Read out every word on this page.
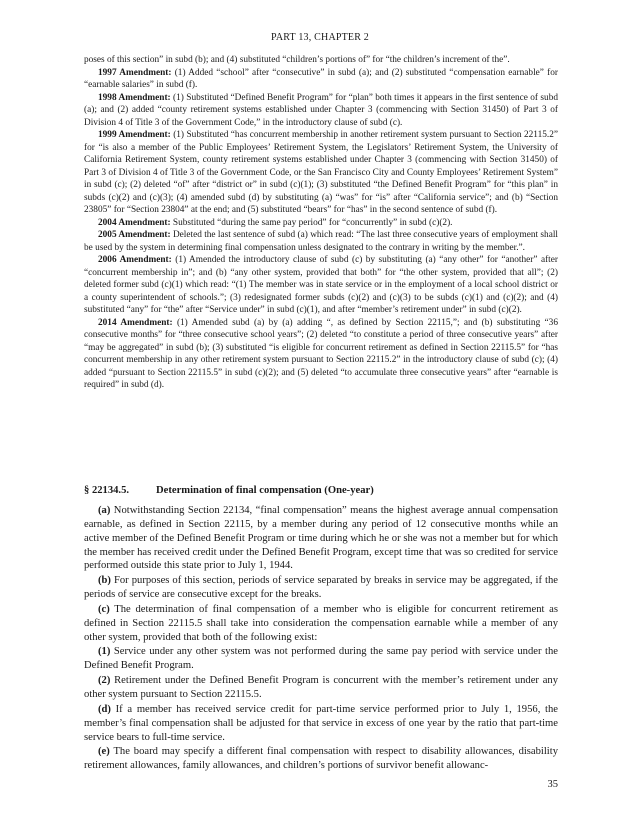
PART 13, CHAPTER 2

poses of this section” in subd (b); and (4) substituted “children’s portions of” for “the children’s increment of the”.

1997 Amendment: (1) Added “school” after “consecutive” in subd (a); and (2) substituted “compensation earnable” for “earnable salaries” in subd (f).

1998 Amendment: (1) Substituted “Defined Benefit Program” for “plan” both times it appears in the first sentence of subd (a); and (2) added “county retirement systems established under Chapter 3 (commencing with Section 31450) of Part 3 of Division 4 of Title 3 of the Government Code,” in the introductory clause of subd (c).

1999 Amendment: (1) Substituted “has concurrent membership in another retirement system pursuant to Section 22115.2” for “is also a member of the Public Employees’ Retirement System, the Legislators’ Retirement System, the University of California Retirement System, county retirement systems established under Chapter 3 (commencing with Section 31450) of Part 3 of Division 4 of Title 3 of the Government Code, or the San Francisco City and County Employees’ Retirement System” in subd (c); (2) deleted “of” after “district or” in subd (c)(1); (3) substituted “the Defined Benefit Program” for “this plan” in subds (c)(2) and (c)(3); (4) amended subd (d) by substituting (a) “was” for “is” after “California service”; and (b) “Section 23805” for “Section 23804” at the end; and (5) substituted “bears” for “has” in the second sentence of subd (f).

2004 Amendment: Substituted “during the same pay period” for “concurrently” in subd (c)(2).

2005 Amendment: Deleted the last sentence of subd (a) which read: “The last three consecutive years of employment shall be used by the system in determining final compensation unless designated to the contrary in writing by the member.”.

2006 Amendment: (1) Amended the introductory clause of subd (c) by substituting (a) “any other” for “another” after “concurrent membership in”; and (b) “any other system, provided that both” for “the other system, provided that all”; (2) deleted former subd (c)(1) which read: “(1) The member was in state service or in the employment of a local school district or a county superintendent of schools.”; (3) redesignated former subds (c)(2) and (c)(3) to be subds (c)(1) and (c)(2); and (4) substituted “any” for “the” after “Service under” in subd (c)(1), and after “member’s retirement under” in subd (c)(2).

2014 Amendment: (1) Amended subd (a) by (a) adding “, as defined by Section 22115,”; and (b) substituting “36 consecutive months” for “three consecutive school years”; (2) deleted “to constitute a period of three consecutive years” after “may be aggregated” in subd (b); (3) substituted “is eligible for concurrent retirement as defined in Section 22115.5” for “has concurrent membership in any other retirement system pursuant to Section 22115.2” in the introductory clause of subd (c); (4) added “pursuant to Section 22115.5” in subd (c)(2); and (5) deleted “to accumulate three consecutive years” after “earnable is required” in subd (d).

§ 22134.5.	Determination of final compensation (One-year)

(a) Notwithstanding Section 22134, “final compensation” means the highest average annual compensation earnable, as defined in Section 22115, by a member during any period of 12 consecutive months while an active member of the Defined Benefit Program or time during which he or she was not a member but for which the member has received credit under the Defined Benefit Program, except time that was so credited for service performed outside this state prior to July 1, 1944.

(b) For purposes of this section, periods of service separated by breaks in service may be aggregated, if the periods of service are consecutive except for the breaks.

(c) The determination of final compensation of a member who is eligible for concurrent retirement as defined in Section 22115.5 shall take into consideration the compensation earnable while a member of any other system, provided that both of the following exist:

(1) Service under any other system was not performed during the same pay period with service under the Defined Benefit Program.

(2) Retirement under the Defined Benefit Program is concurrent with the member’s retirement under any other system pursuant to Section 22115.5.

(d) If a member has received service credit for part-time service performed prior to July 1, 1956, the member’s final compensation shall be adjusted for that service in excess of one year by the ratio that part-time service bears to full-time service.

(e) The board may specify a different final compensation with respect to disability allowances, disability retirement allowances, family allowances, and children’s portions of survivor benefit allowanc-

35
